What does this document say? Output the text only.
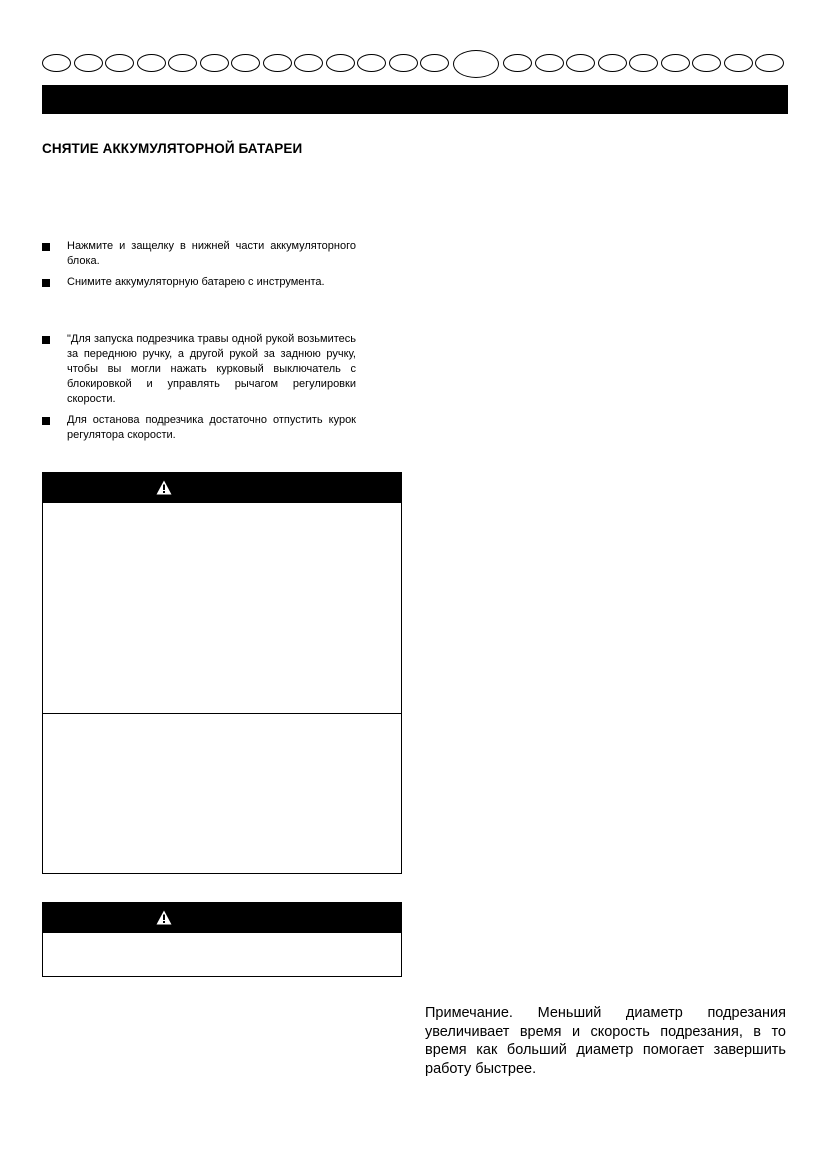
СНЯТИЕ АККУМУЛЯТОРНОЙ БАТАРЕИ
Нажмите и защелку в нижней части аккумуляторного блока.
Снимите аккумуляторную батарею с инструмента.
"Для запуска подрезчика травы одной рукой возьмитесь за переднюю ручку, а другой рукой за заднюю ручку, чтобы вы могли нажать курковый выключатель с блокировкой и управлять рычагом регулировки скорости.
Для останова подрезчика достаточно отпустить курок регулятора скорости.

Примечание. Меньший диаметр подрезания увеличивает время и скорость подрезания, в то время как больший диаметр помогает завершить работу быстрее.
